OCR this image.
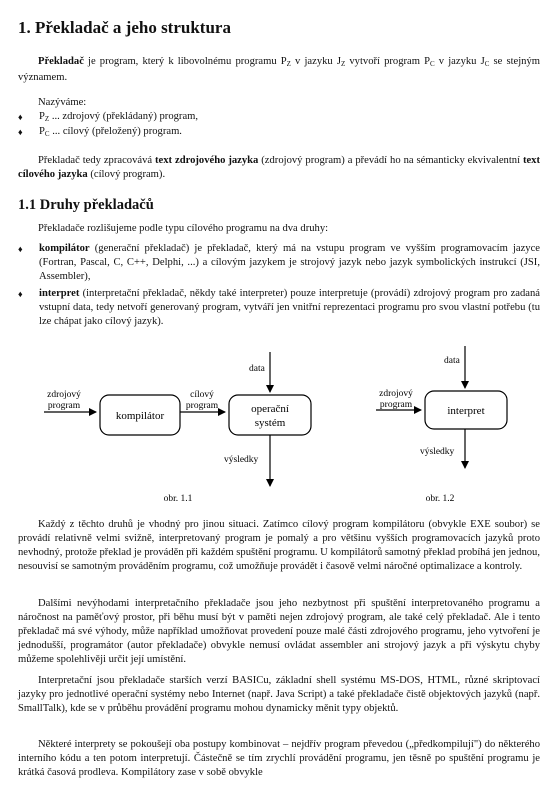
1. Překladač a jeho struktura
Překladač je program, který k libovolnému programu $P_Z$ v jazyku $J_Z$ vytvoří program $P_C$ v jazyku $J_C$ se stejným významem.
Nazýváme:
♦ $P_Z$ ... zdrojový (překládaný) program,
♦ $P_C$ ... cílový (přeložený) program.
Překladač tedy zpracovává text zdrojového jazyka (zdrojový program) a převádí ho na sémanticky ekvivalentní text cílového jazyka (cílový program).
1.1 Druhy překladačů
Překladače rozlišujeme podle typu cílového programu na dva druhy:
♦ kompilátor (generační překladač) je překladač, který má na vstupu program ve vyšším programovacím jazyce (Fortran, Pascal, C, C++, Delphi, ...) a cílovým jazykem je strojový jazyk nebo jazyk symbolických instrukcí (JSI, Assembler),
♦ interpret (interpretační překladač, někdy také interpreter) pouze interpretuje (provádí) zdrojový program pro zadaná vstupní data, tedy netvoří generovaný program, vytváří jen vnitřní reprezentaci programu pro svou vlastní potřebu (tu lze chápat jako cílový jazyk).
zdrojový
program
kompilátor
cílový
program	operační
systém
data
výsledky
obr. 1.1
data
zdrojový
program	interpret
výsledky
obr. 1.2
Každý z těchto druhů je vhodný pro jinou situaci. Zatímco cílový program kompilátoru (obvykle EXE soubor) se provádí relativně velmi svižně, interpretovaný program je pomalý a pro většinu vyšších programovacích jazyků proto nevhodný, protože překlad je prováděn při každém spuštění programu. U kompilátorů samotný překlad probíhá jen jednou, nesouvisí se samotným prováděním programu, což umožňuje provádět i časově velmi náročné optimalizace a kontroly.
Dalšími nevýhodami interpretačního překladače jsou jeho nezbytnost při spuštění interpretovaného programu a náročnost na paměťový prostor, při běhu musí být v paměti nejen zdrojový program, ale také celý překladač. Ale i tento překladač má své výhody, může například umožňovat provedení pouze malé části zdrojového programu, jeho vytvoření je jednodušší, programátor (autor překladače) obvykle nemusí ovládat assembler ani strojový jazyk a při výskytu chyby můžeme spolehlivěji určit její umístění.
Interpretační jsou překladače starších verzí BASICu, základní shell systému MS-DOS, HTML, různé skriptovací jazyky pro jednotlivé operační systémy nebo Internet (např. Java Script) a také překladače čistě objektových jazyků (např. SmallTalk), kde se v průběhu provádění programu mohou dynamicky měnit typy objektů.
Některé interprety se pokoušejí oba postupy kombinovat – nejdřív program převedou („předkompilují") do některého interního kódu a ten potom interpretují. Částečně se tím zrychlí provádění programu, jen těsně po spuštění programu je krátká časová prodleva. Kompilátory zase v sobě obvykle
